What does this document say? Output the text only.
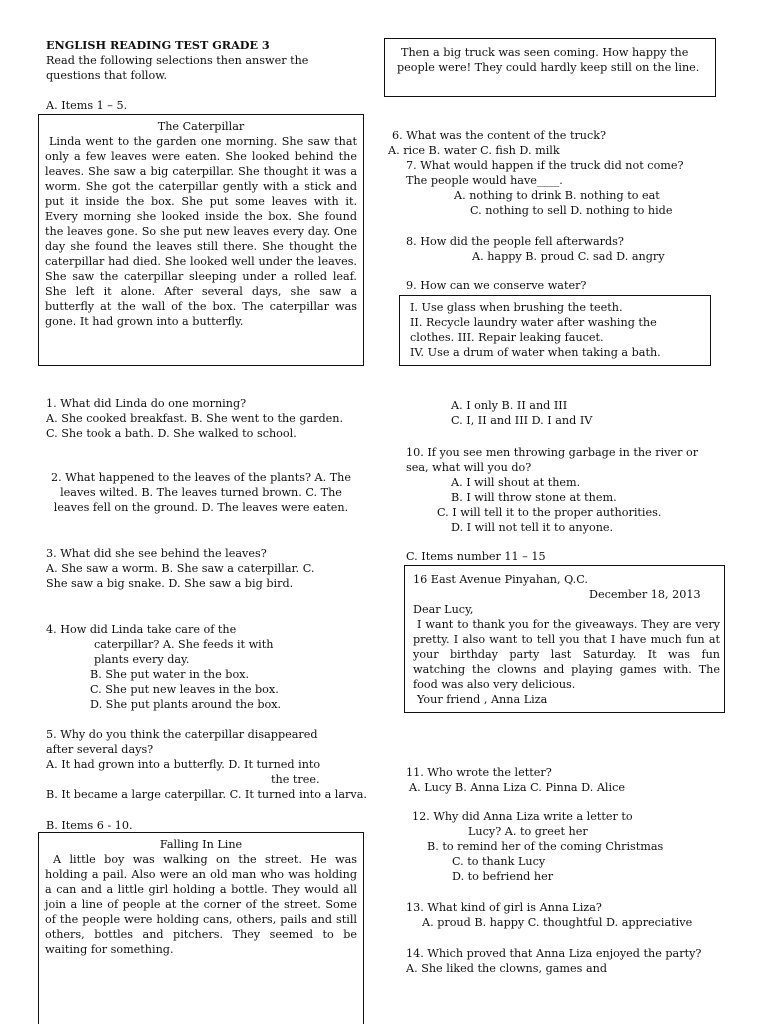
ENGLISH READING TEST GRADE 3
Read the following selections then answer the questions that follow.
A. Items 1 – 5.
The Caterpillar

Linda went to the garden one morning. She saw that only a few leaves were eaten. She looked behind the leaves. She saw a big caterpillar. She thought it was a worm. She got the caterpillar gently with a stick and put it inside the box. She put some leaves with it. Every morning she looked inside the box. She found the leaves gone. So she put new leaves every day. One day she found the leaves still there. She thought the caterpillar had died. She looked well under the leaves. She saw the caterpillar sleeping under a rolled leaf. She left it alone. After several days, she saw a butterfly at the wall of the box. The caterpillar was gone. It had grown into a butterfly.

1. What did Linda do one morning?

A. She cooked breakfast. B. She went to the garden. C. She took a bath. D. She walked to school.

2. What happened to the leaves of the plants? A. The leaves wilted. B. The leaves turned brown. C. The leaves fell on the ground. D. The leaves were eaten.

3. What did she see behind the leaves?

A. She saw a worm. B. She saw a caterpillar. C. She saw a big snake. D. She saw a big bird.

4. How did Linda take care of the

caterpillar? A. She feeds it with

plants every day.

B. She put water in the box.

C. She put new leaves in the box.

D. She put plants around the box.

5. Why do you think the caterpillar disappeared after several days?

A. It had grown into a butterfly. D. It turned into

the tree.

B. It became a large caterpillar. C. It turned into a larva.

B. Items 6 - 10.
Falling In Line

A little boy was walking on the street. He was holding a pail. Also were an old man who was holding a can and a little girl holding a bottle. They would all join a line of people at the corner of the street. Some of the people were holding cans, others, pails and still others, bottles and pitchers. They seemed to be waiting for something.

Then a big truck was seen coming. How happy the people were! They could hardly keep still on the line.

6. What was the content of the truck?

A. rice B. water C. fish D. milk

7. What would happen if the truck did not come? The people would have____.

A. nothing to drink B. nothing to eat

C. nothing to sell D. nothing to hide

8. How did the people fell afterwards?

A. happy B. proud C. sad D. angry

9. How can we conserve water?

I. Use glass when brushing the teeth.

II. Recycle laundry water after washing the clothes. III. Repair leaking faucet.

IV. Use a drum of water when taking a bath.

A. I only B. II and III

C. I, II and III D. I and IV

10. If you see men throwing garbage in the river or sea, what will you do?

A. I will shout at them.

B. I will throw stone at them.

C. I will tell it to the proper authorities.

D. I will not tell it to anyone.

C. Items number 11 – 15

16 East Avenue Pinyahan, Q.C.

December 18, 2013

Dear Lucy,

I want to thank you for the giveaways. They are very pretty. I also want to tell you that I have much fun at your birthday party last Saturday. It was fun watching the clowns and playing games with. The food was also very delicious.

Your friend , Anna Liza

11. Who wrote the letter?

A. Lucy B. Anna Liza C. Pinna D. Alice

12. Why did Anna Liza write a letter to

Lucy? A. to greet her

B. to remind her of the coming Christmas

C. to thank Lucy

D. to befriend her

13. What kind of girl is Anna Liza?

A. proud B. happy C. thoughtful D. appreciative

14. Which proved that Anna Liza enjoyed the party? A. She liked the clowns, games and
